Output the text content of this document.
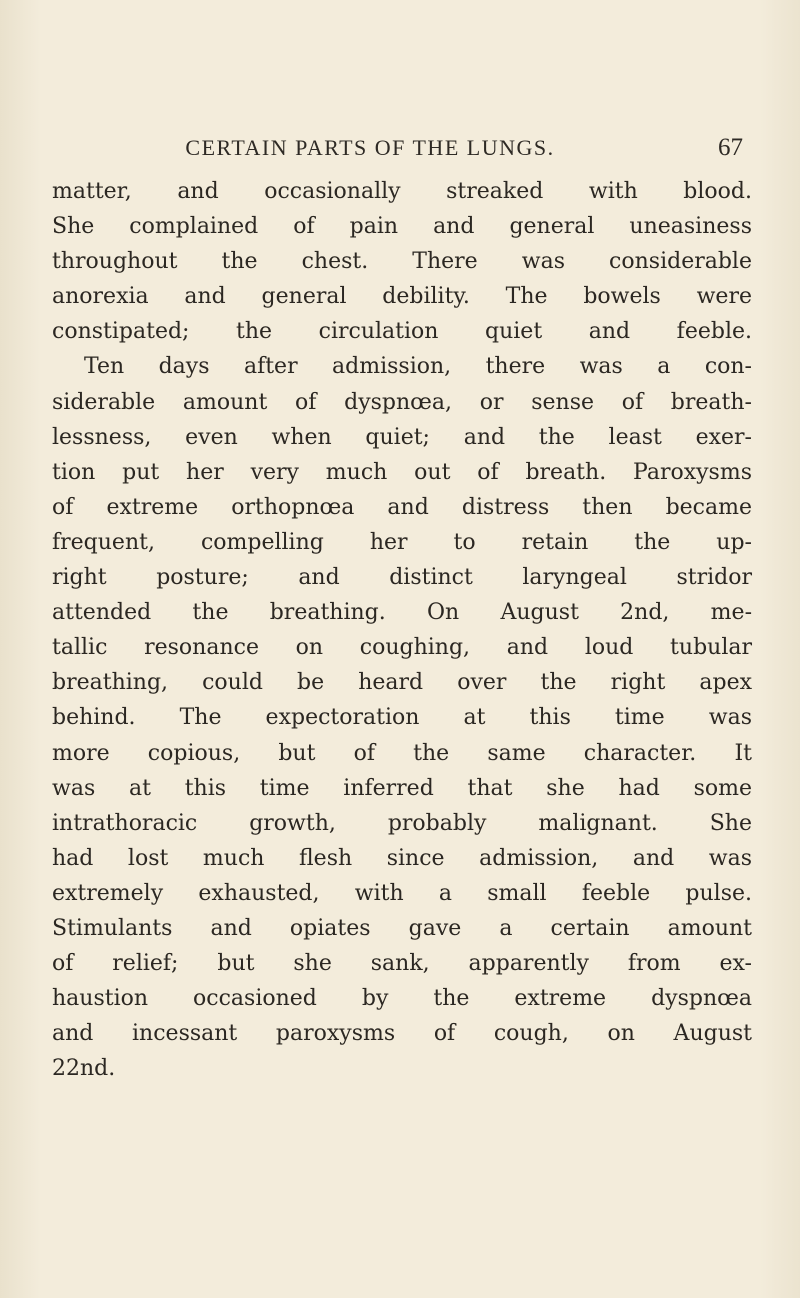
CERTAIN PARTS OF THE LUNGS.	67
matter, and occasionally streaked with blood.
She complained of pain and general uneasiness
throughout the chest. There was considerable
anorexia and general debility. The bowels were
constipated; the circulation quiet and feeble.
Ten days after admission, there was a con-
siderable amount of dyspnœa, or sense of breath-
lessness, even when quiet; and the least exer-
tion put her very much out of breath. Paroxysms
of extreme orthopnœa and distress then became
frequent, compelling her to retain the up-
right posture; and distinct laryngeal stridor
attended the breathing. On August 2nd, me-
tallic resonance on coughing, and loud tubular
breathing, could be heard over the right apex
behind. The expectoration at this time was
more copious, but of the same character. It
was at this time inferred that she had some
intrathoracic growth, probably malignant. She
had lost much flesh since admission, and was
extremely exhausted, with a small feeble pulse.
Stimulants and opiates gave a certain amount
of relief; but she sank, apparently from ex-
haustion occasioned by the extreme dyspnœa
and incessant paroxysms of cough, on August
22nd.
